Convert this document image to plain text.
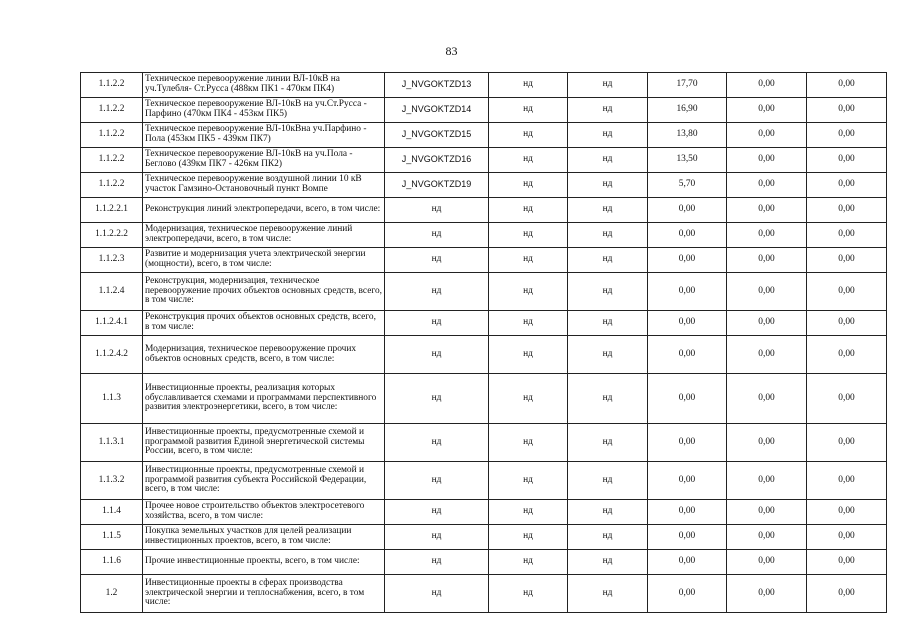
83
1.1.2.2	Техническое перевооружение линии ВЛ-10кВ на уч.Тулебля- Ст.Русса (488км ПК1 - 470км ПК4)	J_NVGOKTZD13	нд	нд	17,70	0,00	0,00
1.1.2.2	Техническое перевооружение ВЛ-10кВ на уч.Ст.Русса - Парфино (470км ПК4 - 453км ПК5)	J_NVGOKTZD14	нд	нд	16,90	0,00	0,00
1.1.2.2	Техническое перевооружение ВЛ-10кВна уч.Парфино - Пола (453км ПК5 - 439км ПК7)	J_NVGOKTZD15	нд	нд	13,80	0,00	0,00
1.1.2.2	Техническое перевооружение ВЛ-10кВ на уч.Пола - Беглово (439км ПК7 - 426км ПК2)	J_NVGOKTZD16	нд	нд	13,50	0,00	0,00
1.1.2.2	Техническое перевооружение воздушной линии 10 кВ участок Гамзино-Остановочный пункт Вомпе	J_NVGOKTZD19	нд	нд	5,70	0,00	0,00
1.1.2.2.1	Реконструкция линий электропередачи, всего, в том числе:	нд	нд	нд	0,00	0,00	0,00
1.1.2.2.2	Модернизация, техническое перевооружение линий электропередачи, всего, в том числе:	нд	нд	нд	0,00	0,00	0,00
1.1.2.3	Развитие и модернизация учета электрической энергии (мощности), всего, в том числе:	нд	нд	нд	0,00	0,00	0,00
1.1.2.4	Реконструкция, модернизация, техническое перевооружение прочих объектов основных средств, всего, в том числе:	нд	нд	нд	0,00	0,00	0,00
1.1.2.4.1	Реконструкция прочих объектов основных средств, всего, в том числе:	нд	нд	нд	0,00	0,00	0,00
1.1.2.4.2	Модернизация, техническое перевооружение прочих объектов основных средств, всего, в том числе:	нд	нд	нд	0,00	0,00	0,00
1.1.3	Инвестиционные проекты, реализация которых обуславливается схемами и программами перспективного развития электроэнергетики, всего, в том числе:	нд	нд	нд	0,00	0,00	0,00
1.1.3.1	Инвестиционные проекты, предусмотренные схемой и программой развития Единой энергетической системы России, всего, в том числе:	нд	нд	нд	0,00	0,00	0,00
1.1.3.2	Инвестиционные проекты, предусмотренные схемой и программой развития субъекта Российской Федерации, всего, в том числе:	нд	нд	нд	0,00	0,00	0,00
1.1.4	Прочее новое строительство объектов электросетевого хозяйства, всего, в том числе:	нд	нд	нд	0,00	0,00	0,00
1.1.5	Покупка земельных участков для целей реализации инвестиционных проектов, всего, в том числе:	нд	нд	нд	0,00	0,00	0,00
1.1.6	Прочие инвестиционные проекты, всего, в том числе:	нд	нд	нд	0,00	0,00	0,00
1.2	Инвестиционные проекты в сферах производства электрической энергии и теплоснабжения, всего, в том числе:	нд	нд	нд	0,00	0,00	0,00
